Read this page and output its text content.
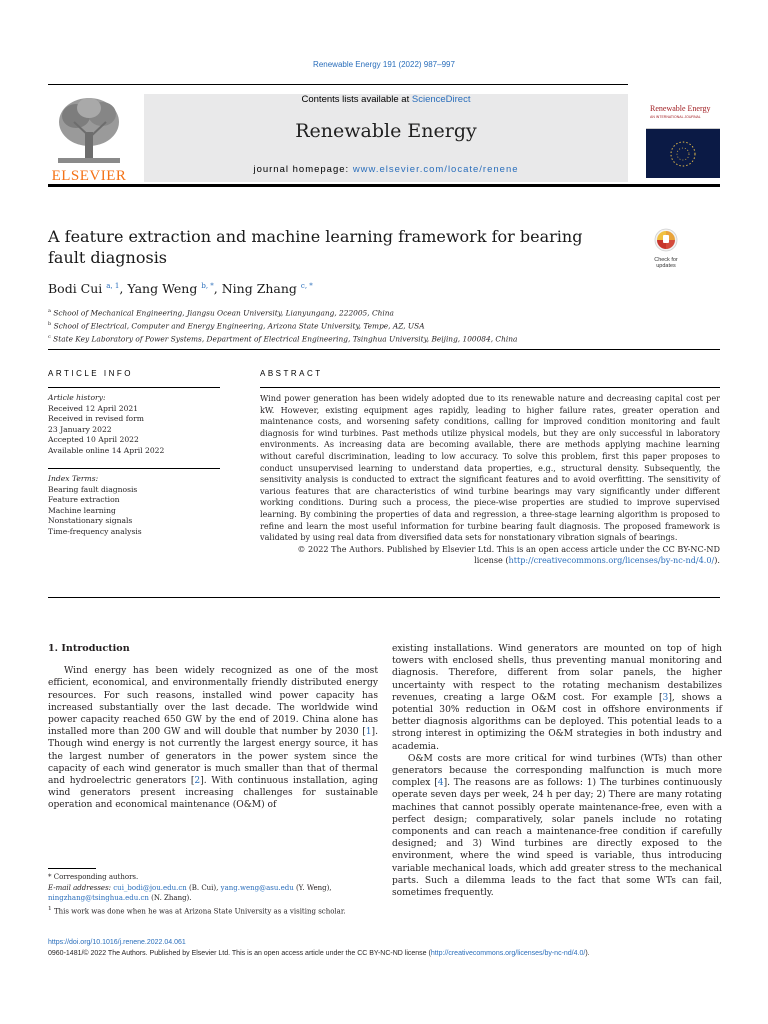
Renewable Energy 191 (2022) 987–997
ELSEVIER
Contents lists available at ScienceDirect
Renewable Energy
journal homepage: www.elsevier.com/locate/renene
Renewable Energy
AN INTERNATIONAL JOURNAL
A feature extraction and machine learning framework for bearing fault diagnosis	Check for updates
Bodi Cui $^{a, 1}$, Yang Weng $^{b, *}$, Ning Zhang $^{c, *}$
$^a$ School of Mechanical Engineering, Jiangsu Ocean University, Lianyungang, 222005, China
$^b$ School of Electrical, Computer and Energy Engineering, Arizona State University, Tempe, AZ, USA
$^c$ State Key Laboratory of Power Systems, Department of Electrical Engineering, Tsinghua University, Beijing, 100084, China
ARTICLE INFO	ABSTRACT
Article history:
Received 12 April 2021
Received in revised form
23 January 2022
Accepted 10 April 2022
Available online 14 April 2022
Index Terms:
Bearing fault diagnosis
Feature extraction
Machine learning
Nonstationary signals
Time-frequency analysis
Wind power generation has been widely adopted due to its renewable nature and decreasing capital cost per kW. However, existing equipment ages rapidly, leading to higher failure rates, greater operation and maintenance costs, and worsening safety conditions, calling for improved condition monitoring and fault diagnosis for wind turbines. Past methods utilize physical models, but they are only successful in laboratory environments. As increasing data are becoming available, there are methods applying machine learning without careful discrimination, leading to low accuracy. To solve this problem, first this paper proposes to conduct unsupervised learning to understand data properties, e.g., structural density. Subsequently, the sensitivity analysis is conducted to extract the significant features and to avoid overfitting. The sensitivity of various features that are characteristics of wind turbine bearings may vary significantly under different working conditions. During such a process, the piece-wise properties are studied to improve supervised learning. By combining the properties of data and regression, a three-stage learning algorithm is proposed to refine and learn the most useful information for turbine bearing fault diagnosis. The proposed framework is validated by using real data from diversified data sets for nonstationary vibration signals of bearings.
© 2022 The Authors. Published by Elsevier Ltd. This is an open access article under the CC BY-NC-ND
license (http://creativecommons.org/licenses/by-nc-nd/4.0/).
1. Introduction

Wind energy has been widely recognized as one of the most efficient, economical, and environmentally friendly distributed energy resources. For such reasons, installed wind power capacity has increased substantially over the last decade. The worldwide wind power capacity reached 650 GW by the end of 2019. China alone has installed more than 200 GW and will double that number by 2030 [1]. Though wind energy is not currently the largest energy source, it has the largest number of generators in the power system since the capacity of each wind generator is much smaller than that of thermal and hydroelectric generators [2]. With continuous installation, aging wind generators present increasing challenges for sustainable operation and economical maintenance (O&M) of

existing installations. Wind generators are mounted on top of high towers with enclosed shells, thus preventing manual monitoring and diagnosis. Therefore, different from solar panels, the higher uncertainty with respect to the rotating mechanism destabilizes revenues, creating a large O&M cost. For example [3], shows a potential 30% reduction in O&M cost in offshore environments if better diagnosis algorithms can be deployed. This potential leads to a strong interest in optimizing the O&M strategies in both industry and academia.

O&M costs are more critical for wind turbines (WTs) than other generators because the corresponding malfunction is much more complex [4]. The reasons are as follows: 1) The turbines continuously operate seven days per week, 24 h per day; 2) There are many rotating machines that cannot possibly operate maintenance-free, even with a perfect design; comparatively, solar panels include no rotating components and can reach a maintenance-free condition if carefully designed; and 3) Wind turbines are directly exposed to the environment, where the wind speed is variable, thus introducing variable mechanical loads, which add greater stress to the mechanical parts. Such a dilemma leads to the fact that some WTs can fail, sometimes frequently.

* Corresponding authors.
E-mail addresses: cui_bodi@jou.edu.cn (B. Cui), yang.weng@asu.edu (Y. Weng), ningzhang@tsinghua.edu.cn (N. Zhang).
$^1$ This work was done when he was at Arizona State University as a visiting scholar.
https://doi.org/10.1016/j.renene.2022.04.061
0960-1481/© 2022 The Authors. Published by Elsevier Ltd. This is an open access article under the CC BY-NC-ND license (http://creativecommons.org/licenses/by-nc-nd/4.0/).
